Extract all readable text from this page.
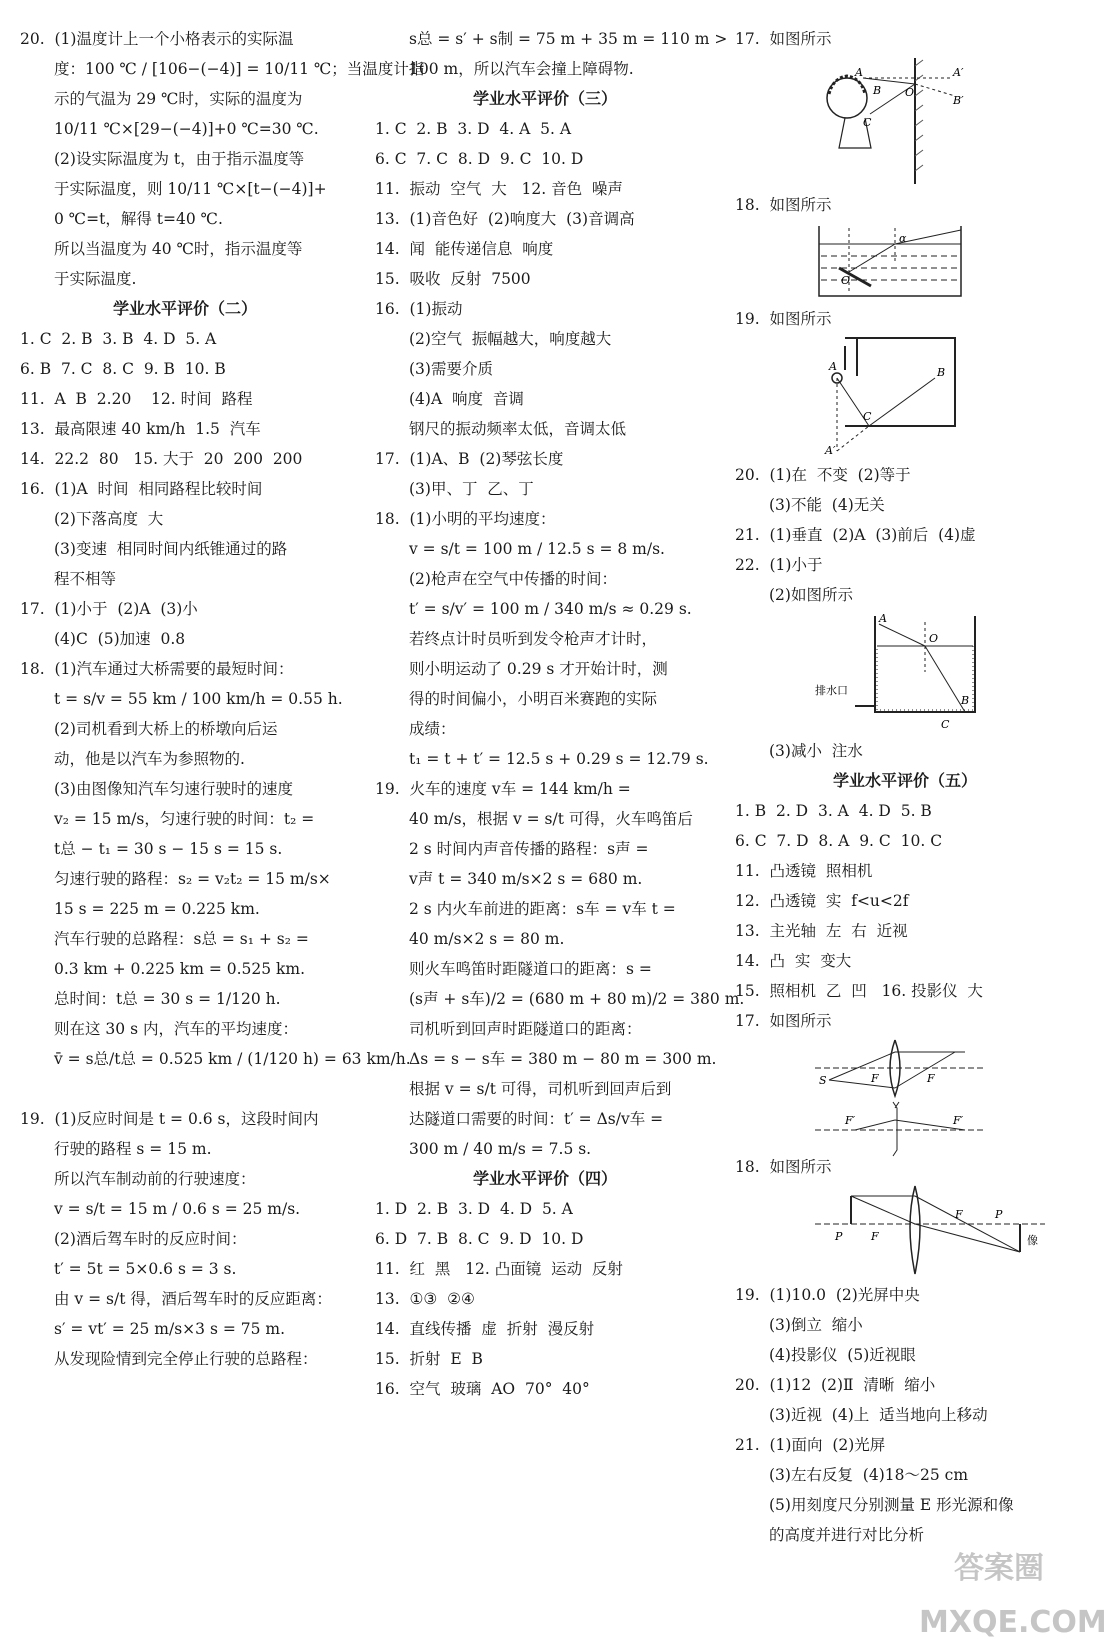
20.  (1)温度计上一个小格表示的实际温
度：100 ℃ / [106−(−4)] = 10/11 ℃；当温度计指
示的气温为 29 ℃时，实际的温度为
10/11 ℃×[29−(−4)]+0 ℃=30 ℃.
(2)设实际温度为 t，由于指示温度等
于实际温度，则 10/11 ℃×[t−(−4)]+
0 ℃=t，解得 t=40 ℃.
所以当温度为 40 ℃时，指示温度等
于实际温度.
学业水平评价（二）
1. C  2. B  3. B  4. D  5. A
6. B  7. C  8. C  9. B  10. B
11.  A  B  2.20    12. 时间  路程
13.  最高限速 40 km/h  1.5  汽车
14.  22.2  80   15. 大于  20  200  200
16.  (1)A  时间  相同路程比较时间
(2)下落高度  大
(3)变速  相同时间内纸锥通过的路
程不相等
17.  (1)小于  (2)A  (3)小
(4)C  (5)加速  0.8
18.  (1)汽车通过大桥需要的最短时间：
t = s/v = 55 km / 100 km/h = 0.55 h.
(2)司机看到大桥上的桥墩向后运
动，他是以汽车为参照物的.
(3)由图像知汽车匀速行驶时的速度
v₂ = 15 m/s，匀速行驶的时间：t₂ =
t总 − t₁ = 30 s − 15 s = 15 s.
匀速行驶的路程：s₂ = v₂t₂ = 15 m/s×
15 s = 225 m = 0.225 km.
汽车行驶的总路程：s总 = s₁ + s₂ =
0.3 km + 0.225 km = 0.525 km.
总时间：t总 = 30 s = 1/120 h.
则在这 30 s 内，汽车的平均速度：
v̄ = s总/t总 = 0.525 km / (1/120 h) = 63 km/h.
19.  (1)反应时间是 t = 0.6 s，这段时间内
行驶的路程 s = 15 m.
所以汽车制动前的行驶速度：
v = s/t = 15 m / 0.6 s = 25 m/s.
(2)酒后驾车时的反应时间：
t′ = 5t = 5×0.6 s = 3 s.
由 v = s/t 得，酒后驾车时的反应距离：
s′ = vt′ = 25 m/s×3 s = 75 m.
从发现险情到完全停止行驶的总路程：
s总 = s′ + s制 = 75 m + 35 m = 110 m >
100 m，所以汽车会撞上障碍物.
学业水平评价（三）
1. C  2. B  3. D  4. A  5. A
6. C  7. C  8. D  9. C  10. D
11.  振动  空气  大   12. 音色  噪声
13.  (1)音色好  (2)响度大  (3)音调高
14.  闻  能传递信息  响度
15.  吸收  反射  7500
16.  (1)振动
(2)空气  振幅越大，响度越大
(3)需要介质
(4)A  响度  音调
钢尺的振动频率太低，音调太低
17.  (1)A、B  (2)琴弦长度
(3)甲、丁  乙、丁
18.  (1)小明的平均速度：
v = s/t = 100 m / 12.5 s = 8 m/s.
(2)枪声在空气中传播的时间：
t′ = s/v′ = 100 m / 340 m/s ≈ 0.29 s.
若终点计时员听到发令枪声才计时，
则小明运动了 0.29 s 才开始计时，测
得的时间偏小，小明百米赛跑的实际
成绩：
t₁ = t + t′ = 12.5 s + 0.29 s = 12.79 s.
19.  火车的速度 v车 = 144 km/h =
40 m/s，根据 v = s/t 可得，火车鸣笛后
2 s 时间内声音传播的路程：s声 =
v声 t = 340 m/s×2 s = 680 m.
2 s 内火车前进的距离：s车 = v车 t =
40 m/s×2 s = 80 m.
则火车鸣笛时距隧道口的距离：s =
(s声 + s车)/2 = (680 m + 80 m)/2 = 380 m.
司机听到回声时距隧道口的距离：
Δs = s − s车 = 380 m − 80 m = 300 m.
根据 v = s/t 可得，司机听到回声后到
达隧道口需要的时间：t′ = Δs/v车 =
300 m / 40 m/s = 7.5 s.
学业水平评价（四）
1. D  2. B  3. D  4. D  5. A
6. D  7. B  8. C  9. D  10. D
11.  红  黑   12. 凸面镜  运动  反射
13.  ①③  ②④
14.  直线传播  虚  折射  漫反射
15.  折射  E  B
16.  空气  玻璃  AO  70°  40°
17.  如图所示
A	A′
B
B′
O
C
18.  如图所示
O
α
19.  如图所示
A	B
C
A′
20.  (1)在  不变  (2)等于
(3)不能  (4)无关
21.  (1)垂直  (2)A  (3)前后  (4)虚
22.  (1)小于
(2)如图所示
A
O
B
C
排水口
(3)减小  注水
学业水平评价（五）
1. B  2. D  3. A  4. D  5. B
6. C  7. D  8. A  9. C  10. C
11.  凸透镜  照相机
12.  凸透镜  实  f<u<2f
13.  主光轴  左  右  近视
14.  凸  实  变大
15.  照相机  乙  凹   16. 投影仪  大
17.  如图所示
S	F	F
F′	F′
18.  如图所示
P	F
F	P
像
19.  (1)10.0  (2)光屏中央
(3)倒立  缩小
(4)投影仪  (5)近视眼
20.  (1)12  (2)Ⅱ  清晰  缩小
(3)近视  (4)上  适当地向上移动
21.  (1)面向  (2)光屏
(3)左右反复  (4)18～25 cm
(5)用刻度尺分别测量 E 形光源和像
的高度并进行对比分析
答案圈 MXQE.COM
